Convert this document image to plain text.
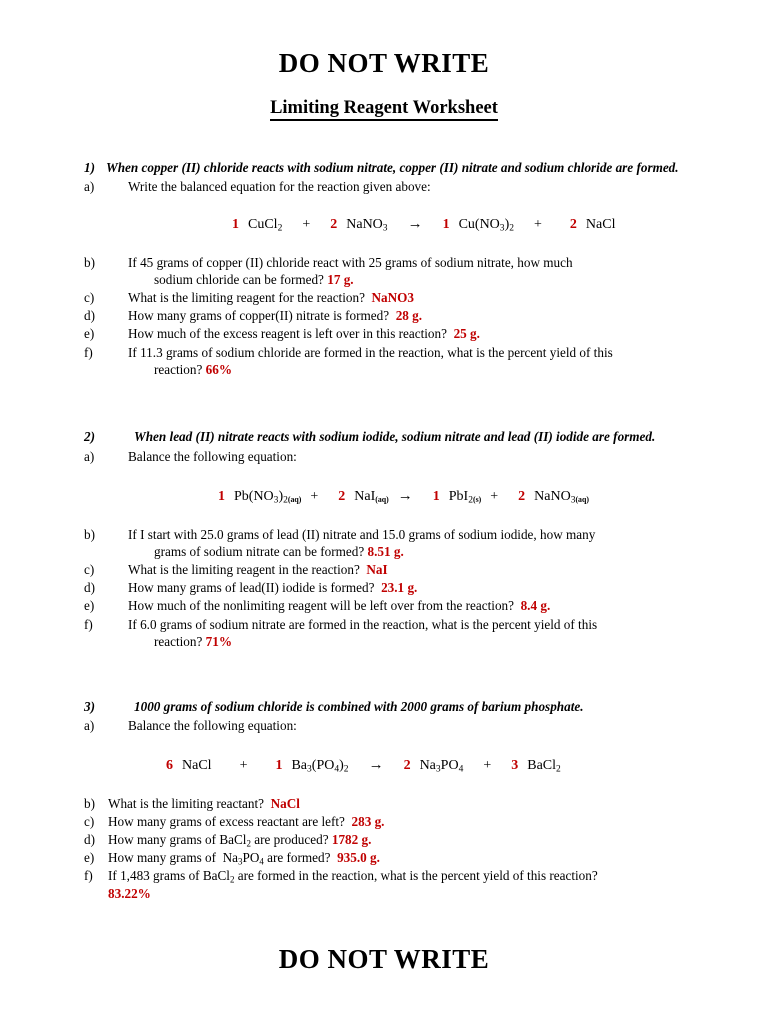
DO NOT WRITE
Limiting Reagent Worksheet
1) When copper (II) chloride reacts with sodium nitrate, copper (II) nitrate and sodium chloride are formed.
a)	Write the balanced equation for the reaction given above:
1 CuCl$_2$ + 2 NaNO$_3$ → 1 $Cu(NO_3)_2 + 2$ NaCl
b)	If 45 grams of copper (II) chloride react with 25 grams of sodium nitrate, how much
sodium chloride can be formed? 17 g.
c)	What is the limiting reagent for the reaction? NaNO3
d)	How many grams of copper(II) nitrate is formed? 28 g.
e)	How much of the excess reagent is left over in this reaction? 25 g.
f)	If 11.3 grams of sodium chloride are formed in the reaction, what is the percent yield of this
reaction? 66%
2)	When lead (II) nitrate reacts with sodium iodide, sodium nitrate and lead (II) iodide are formed.
a)	Balance the following equation:
1 $Pb(NO_3)_{2(aq)} + 2$ NaI$_{(aq)}$ → 1 PbI$_{2(s)}$ + 2 NaNO$_{3(aq)}$
b)	If I start with 25.0 grams of lead (II) nitrate and 15.0 grams of sodium iodide, how many
grams of sodium nitrate can be formed? 8.51 g.
c)	What is the limiting reagent in the reaction? NaI
d)	How many grams of lead(II) iodide is formed? 23.1 g.
e)	How much of the nonlimiting reagent will be left over from the reaction? 8.4 g.
f)	If 6.0 grams of sodium nitrate are formed in the reaction, what is the percent yield of this
reaction? 71%
3)	1000 grams of sodium chloride is combined with 2000 grams of barium phosphate.
a)	Balance the following equation:
6 NaCl + 1 $Ba_3(PO_4)_2 \to 2$ $Na_3PO_4 + 3$ BaCl$_2$
b) What is the limiting reactant? NaCl
c)	How many grams of excess reactant are left? 283 g.
d) How many grams of BaCl$_2$ are produced? 1782 g.
e)	How many grams of  $Na_3PO_4$ are formed?  935.0 g.
f)	If 1,483 grams of BaCl$_2$ are formed in the reaction, what is the percent yield of this reaction?
83.22%
DO NOT WRITE
